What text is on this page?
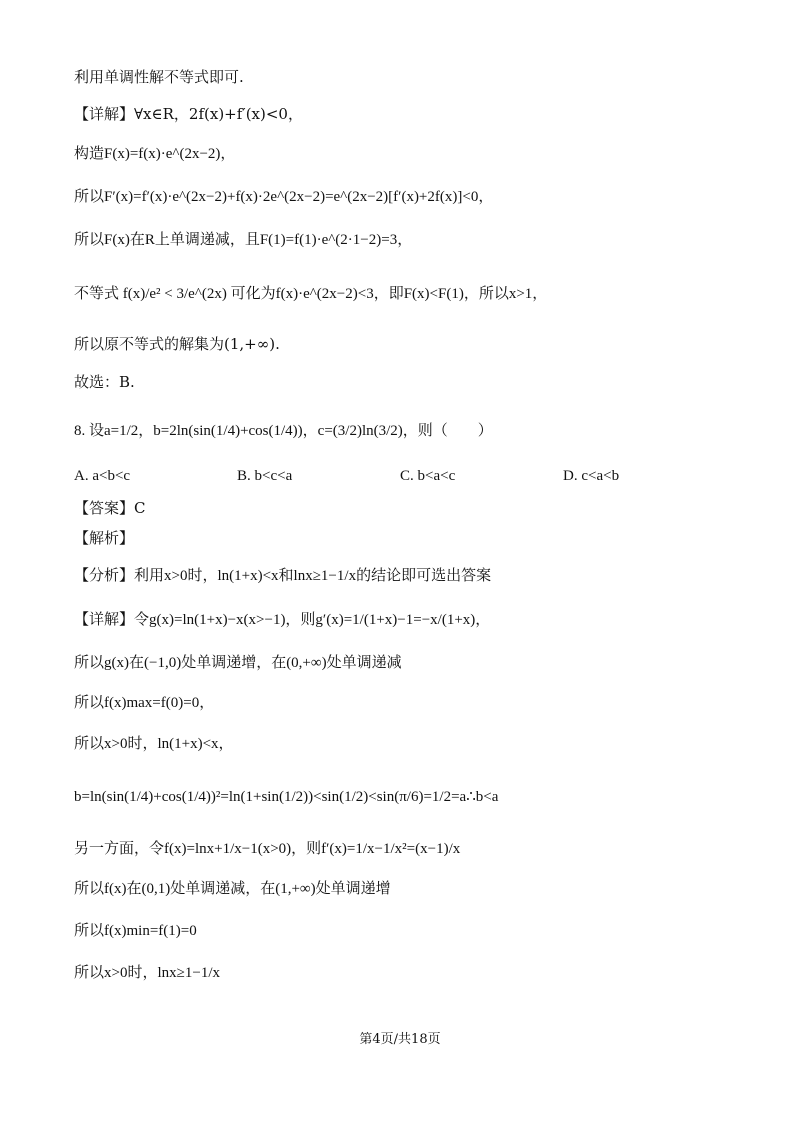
利用单调性解不等式即可.
【详解】∀x∈R，2f(x)+f′(x)<0，
构造F(x)=f(x)·e^(2x−2)，
所以F′(x)=f′(x)·e^(2x−2)+f(x)·2e^(2x−2)=e^(2x−2)[f′(x)+2f(x)]<0，
所以F(x)在R上单调递减，且F(1)=f(1)·e^(2·1−2)=3，
不等式 f(x)/e² < 3/e^(2x) 可化为f(x)·e^(2x−2)<3，即F(x)<F(1)，所以x>1，
所以原不等式的解集为(1,+∞).
故选：B.
8. 设a=1/2，b=2ln(sin(1/4)+cos(1/4))，c=(3/2)ln(3/2)，则（　　）
A. a<b<c	B. b<c<a	C. b<a<c	D. c<a<b
【答案】C
【解析】
【分析】利用x>0时，ln(1+x)<x和lnx≥1−1/x的结论即可选出答案
【详解】令g(x)=ln(1+x)−x(x>−1)，则g′(x)=1/(1+x)−1=−x/(1+x)，
所以g(x)在(−1,0)处单调递增，在(0,+∞)处单调递减
所以f(x)max=f(0)=0，
所以x>0时，ln(1+x)<x，
b=ln(sin(1/4)+cos(1/4))²=ln(1+sin(1/2))<sin(1/2)<sin(π/6)=1/2=a∴b<a
另一方面，令f(x)=lnx+1/x−1(x>0)，则f′(x)=1/x−1/x²=(x−1)/x
所以f(x)在(0,1)处单调递减，在(1,+∞)处单调递增
所以f(x)min=f(1)=0
所以x>0时，lnx≥1−1/x
第4页/共18页
